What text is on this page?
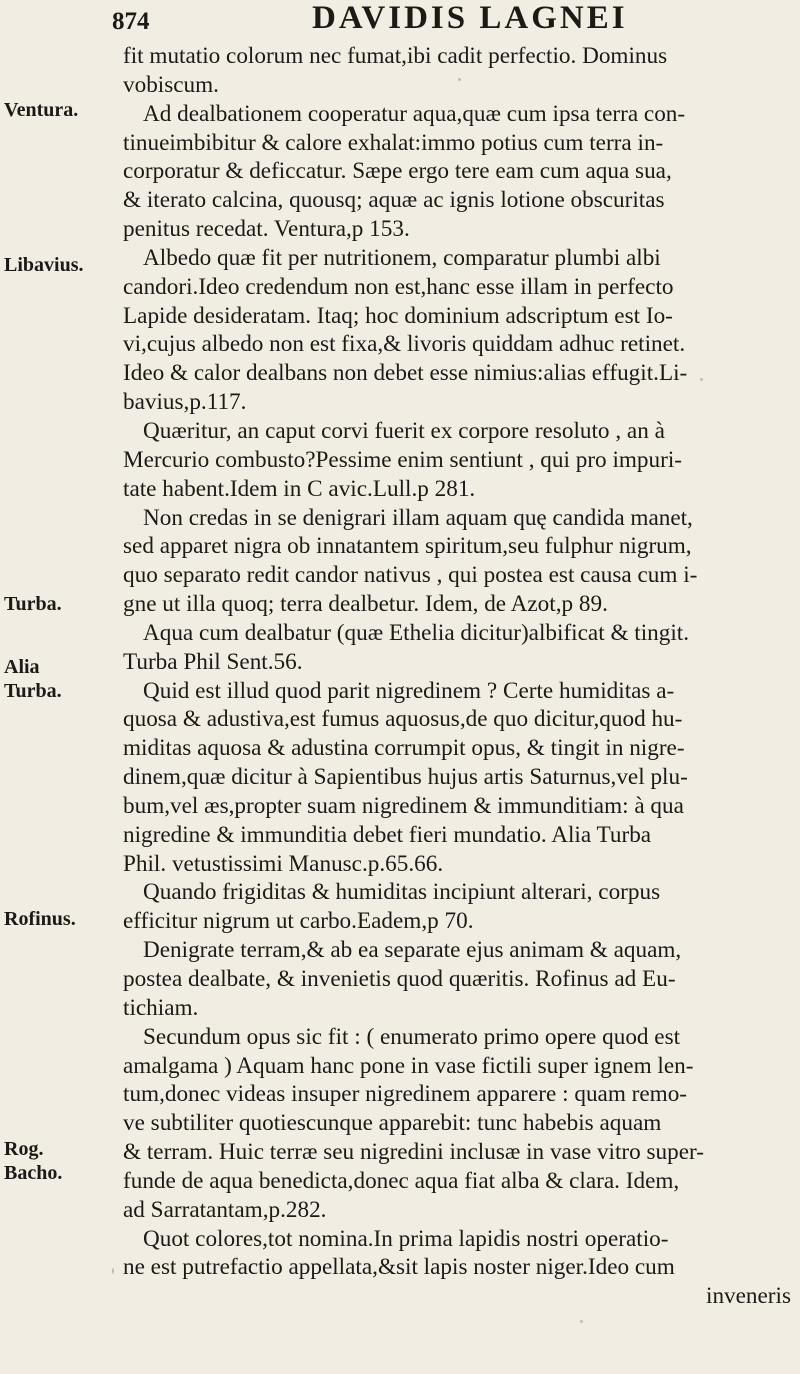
874	DAVIDIS LAGNEI
Ventura.
Libavius.
Turba.
Alia Turba.
Rofinus.
Rog. Bacho.
fit mutatio colorum nec fumat,ibi cadit perfectio. Dominus
vobiscum.
Ad dealbationem cooperatur aqua,quæ cum ipsa terra con-
tinueimbibitur & calore exhalat:immo potius cum terra in-
corporatur & deficcatur. Sæpe ergo tere eam cum aqua sua,
& iterato calcina, quousq; aquæ ac ignis lotione obscuritas
penitus recedat. Ventura,p 153.
Albedo quæ fit per nutritionem, comparatur plumbi albi
candori.Ideo credendum non est,hanc esse illam in perfecto
Lapide desideratam. Itaq; hoc dominium adscriptum est Io-
vi,cujus albedo non est fixa,& livoris quiddam adhuc retinet.
Ideo & calor dealbans non debet esse nimius:alias effugit.Li-
bavius,p.117.
Quæritur, an caput corvi fuerit ex corpore resoluto , an à
Mercurio combusto?Pessime enim sentiunt , qui pro impuri-
tate habent.Idem in C avic.Lull.p 281.
Non credas in se denigrari illam aquam quę candida manet,
sed apparet nigra ob innatantem spiritum,seu fulphur nigrum,
quo separato redit candor nativus , qui postea est causa cum i-
gne ut illa quoq; terra dealbetur. Idem, de Azot,p 89.
Aqua cum dealbatur (quæ Ethelia dicitur)albificat & tingit.
Turba Phil Sent.56.
Quid est illud quod parit nigredinem ? Certe humiditas a-
quosa & adustiva,est fumus aquosus,de quo dicitur,quod hu-
miditas aquosa & adustina corrumpit opus, & tingit in nigre-
dinem,quæ dicitur à Sapientibus hujus artis Saturnus,vel plu-
bum,vel æs,propter suam nigredinem & immunditiam: à qua
nigredine & immunditia debet fieri mundatio. Alia Turba
Phil. vetustissimi Manusc.p.65.66.
Quando frigiditas & humiditas incipiunt alterari, corpus
efficitur nigrum ut carbo.Eadem,p 70.
Denigrate terram,& ab ea separate ejus animam & aquam,
postea dealbate, & invenietis quod quæritis. Rofinus ad Eu-
tichiam.
Secundum opus sic fit : ( enumerato primo opere quod est
amalgama ) Aquam hanc pone in vase fictili super ignem len-
tum,donec videas insuper nigredinem apparere : quam remo-
ve subtiliter quotiescunque apparebit: tunc habebis aquam
& terram. Huic terræ seu nigredini inclusæ in vase vitro super-
funde de aqua benedicta,donec aqua fiat alba & clara. Idem,
ad Sarratantam,p.282.
Quot colores,tot nomina.In prima lapidis nostri operatio-
ne est putrefactio appellata,&sit lapis noster niger.Ideo cum
inveneris
